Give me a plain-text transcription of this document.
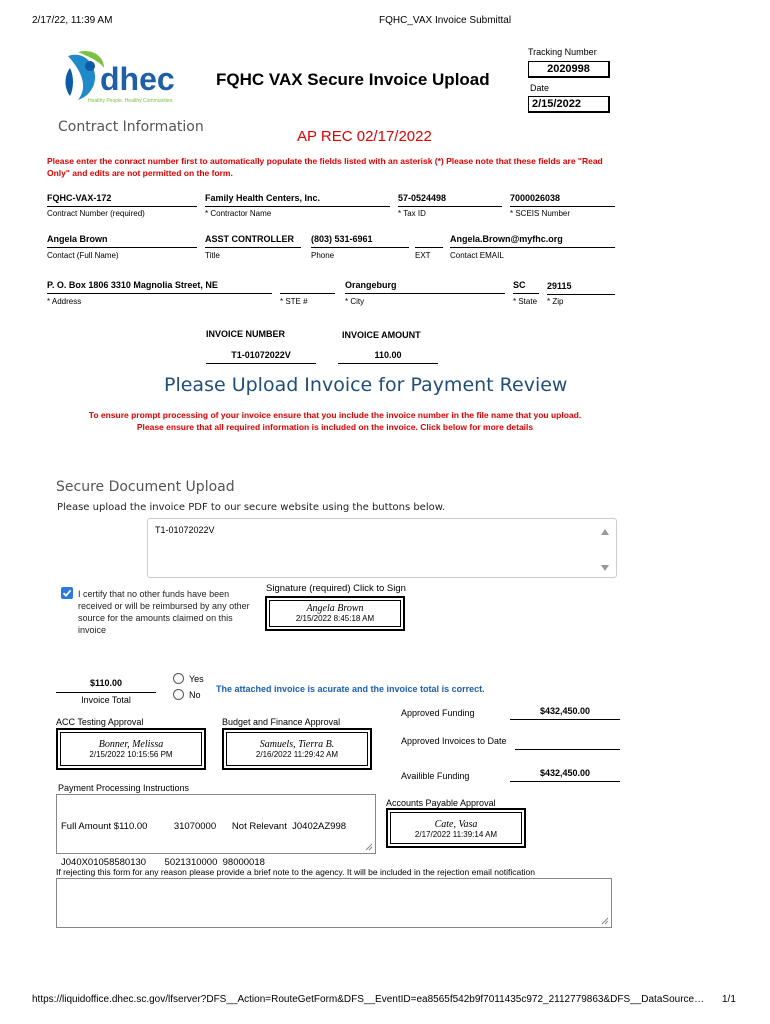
2/17/22, 11:39 AM	FQHC_VAX Invoice Submittal
dhec
Healthy People. Healthy Communities.
FQHC VAX Secure Invoice Upload
Tracking Number
2020998
Date
2/15/2022
Contract Information
AP REC 02/17/2022
Please enter the conract number first to automatically populate the fields listed with an asterisk (*) Please note that these fields are "Read Only" and edits are not permitted on the form.
FQHC-VAX-172
Contract Number (required)
Family Health Centers, Inc.
* Contractor Name
57-0524498
* Tax ID
7000026038
* SCEIS Number
Angela Brown
Contact (Full Name)
ASST CONTROLLER
Title
(803) 531-6961
Phone	EXT
Angela.Brown@myfhc.org
Contact EMAIL
P. O. Box 1806 3310 Magnolia Street, NE
* Address	* STE #
Orangeburg
* City
SC
* State
29115
* Zip
INVOICE NUMBER
T1-01072022V
INVOICE AMOUNT
110.00
Please Upload Invoice for Payment Review
To ensure prompt processing of your invoice ensure that you include the invoice number in the file name that you upload.
Please ensure that all required information is included on the invoice. Click below for more details
Secure Document Upload
Please upload the invoice PDF to our secure website using the buttons below.
T1-01072022V
I certify that no other funds have been received or will be reimbursed by any other source for the amounts claimed on this invoice
Signature (required) Click to Sign
Angela Brown
2/15/2022 8:45:18 AM
$110.00
Invoice Total
Yes
No
The attached invoice is acurate and the invoice total is correct.
Approved Funding	$432,450.00
Approved Invoices to Date
Availible Funding	$432,450.00
ACC Testing Approval
Bonner, Melissa
2/15/2022 10:15:56 PM
Budget and Finance Approval
Samuels, Tierra B.
2/16/2022 11:29:42 AM
Payment Processing Instructions

Full Amount $110.00          31070000      Not Relevant  J0402AZ998

J040X01058580130       5021310000  98000018

Accounts Payable Approval
Cate, Vasa
2/17/2022 11:39:14 AM
If rejecting this form for any reason please provide a brief note to the agency. It will be included in the rejection email notification
https://liquidoffice.dhec.sc.gov/lfserver?DFS__Action=RouteGetForm&DFS__EventID=ea8565f542b9f7011435c972_2112779863&DFS__DataSource…	1/1
